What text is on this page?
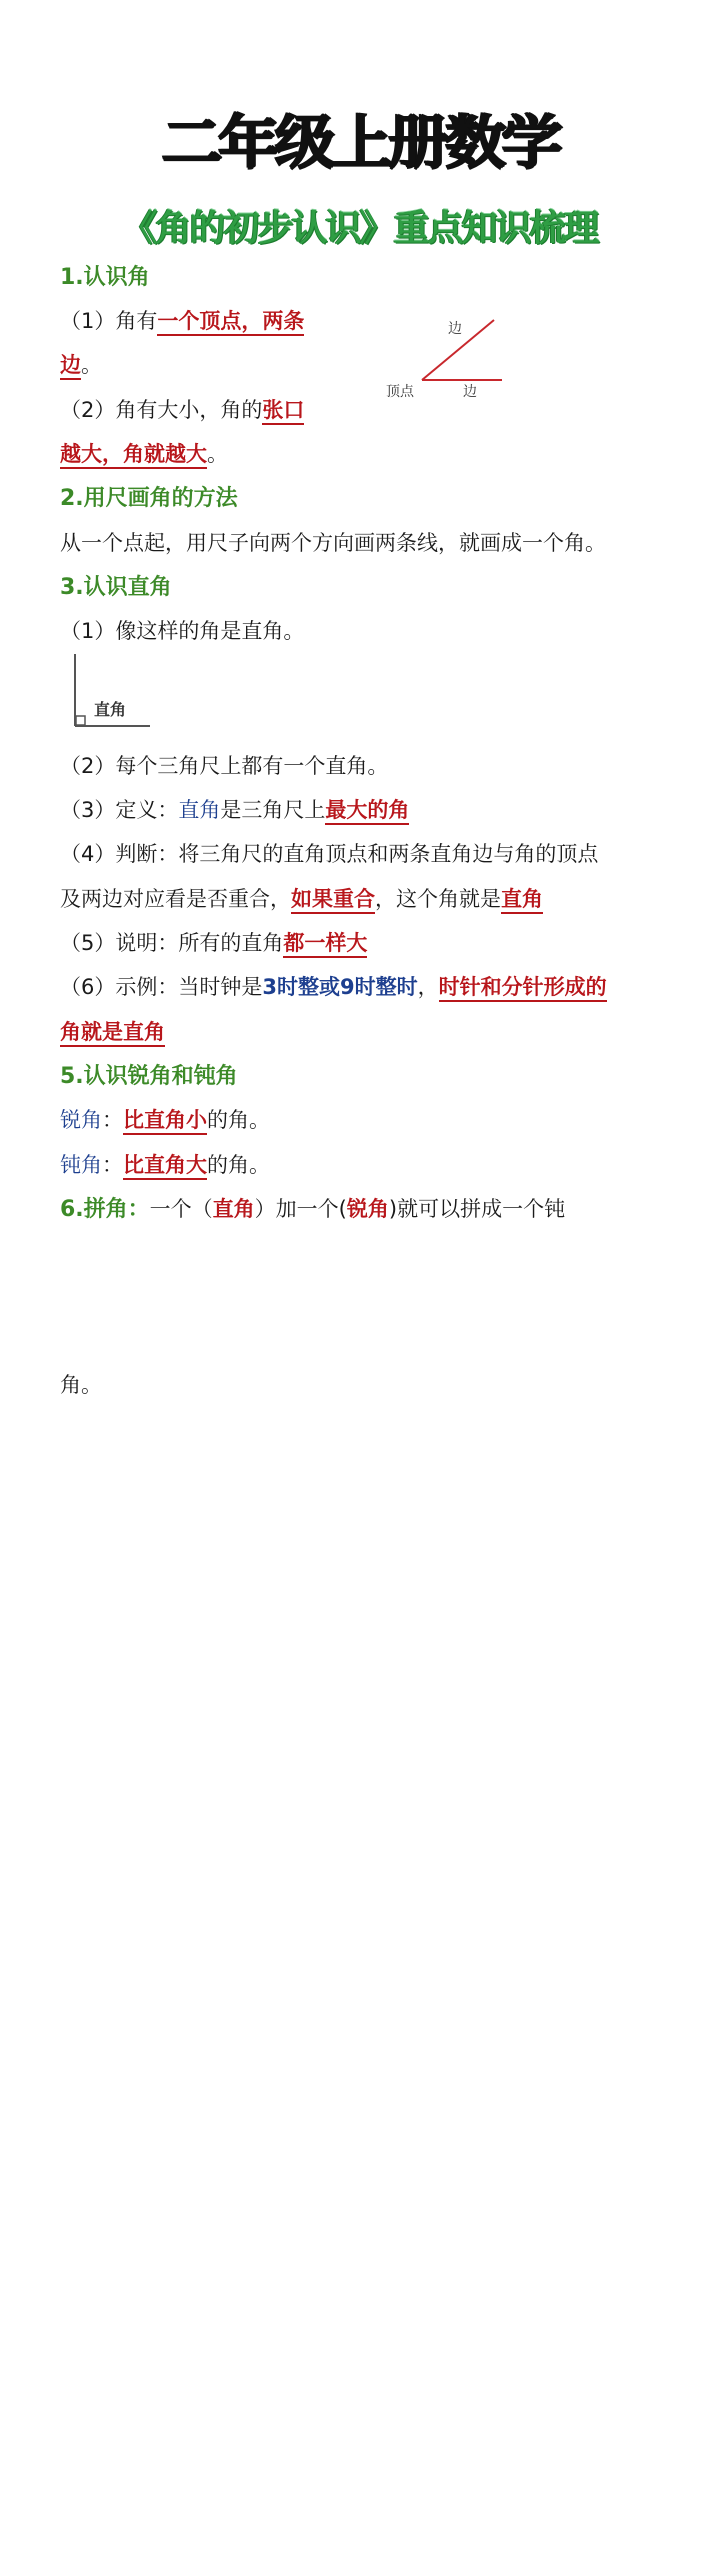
二年级上册数学
《角的初步认识》重点知识梳理
1.认识角
（1）角有一个顶点，两条
边。
（2）角有大小，角的张口
越大，角就越大。
边
顶点	边
2.用尺画角的方法
从一个点起，用尺子向两个方向画两条线，就画成一个角。
3.认识直角
（1）像这样的角是直角。
直角
（2）每个三角尺上都有一个直角。
（3）定义：直角是三角尺上最大的角
（4）判断：将三角尺的直角顶点和两条直角边与角的顶点
及两边对应看是否重合，如果重合，这个角就是直角
（5）说明：所有的直角都一样大
（6）示例：当时钟是3时整或9时整时，时针和分针形成的
角就是直角
5.认识锐角和钝角
锐角：比直角小的角。
钝角：比直角大的角。
6.拼角：一个（直角）加一个(锐角)就可以拼成一个钝
角。
